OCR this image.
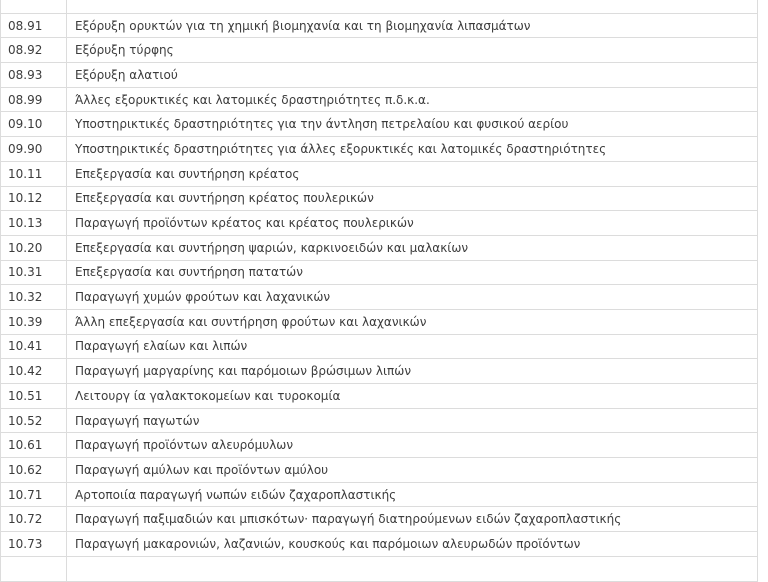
08.91	Εξόρυξη ορυκτών για τη χημική βιομηχανία και τη βιομηχανία λιπασμάτων
08.92	Εξόρυξη τύρφης
08.93	Εξόρυξη αλατιού
08.99	Άλλες εξορυκτικές και λατομικές δραστηριότητες π.δ.κ.α.
09.10	Υποστηρικτικές δραστηριότητες για την άντληση πετρελαίου και φυσικού αερίου
09.90	Υποστηρικτικές δραστηριότητες για άλλες εξορυκτικές και λατομικές δραστηριότητες
10.11	Επεξεργασία και συντήρηση κρέατος
10.12	Επεξεργασία και συντήρηση κρέατος πουλερικών
10.13	Παραγωγή προϊόντων κρέατος και κρέατος πουλερικών
10.20	Επεξεργασία και συντήρηση ψαριών, καρκινοειδών και μαλακίων
10.31	Επεξεργασία και συντήρηση πατατών
10.32	Παραγωγή χυμών φρούτων και λαχανικών
10.39	Άλλη επεξεργασία και συντήρηση φρούτων και λαχανικών
10.41	Παραγωγή ελαίων και λιπών
10.42	Παραγωγή μαργαρίνης και παρόμοιων βρώσιμων λιπών
10.51	Λειτουργ ία γαλακτοκομείων και τυροκομία
10.52	Παραγωγή παγωτών
10.61	Παραγωγή προϊόντων αλευρόμυλων
10.62	Παραγωγή αμύλων και προϊόντων αμύλου
10.71	Αρτοποιία παραγωγή νωπών ειδών ζαχαροπλαστικής
10.72	Παραγωγή παξιμαδιών και μπισκότων· παραγωγή διατηρούμενων ειδών ζαχαροπλαστικής
10.73	Παραγωγή μακαρονιών, λαζανιών, κουσκούς και παρόμοιων αλευρωδών προϊόντων
